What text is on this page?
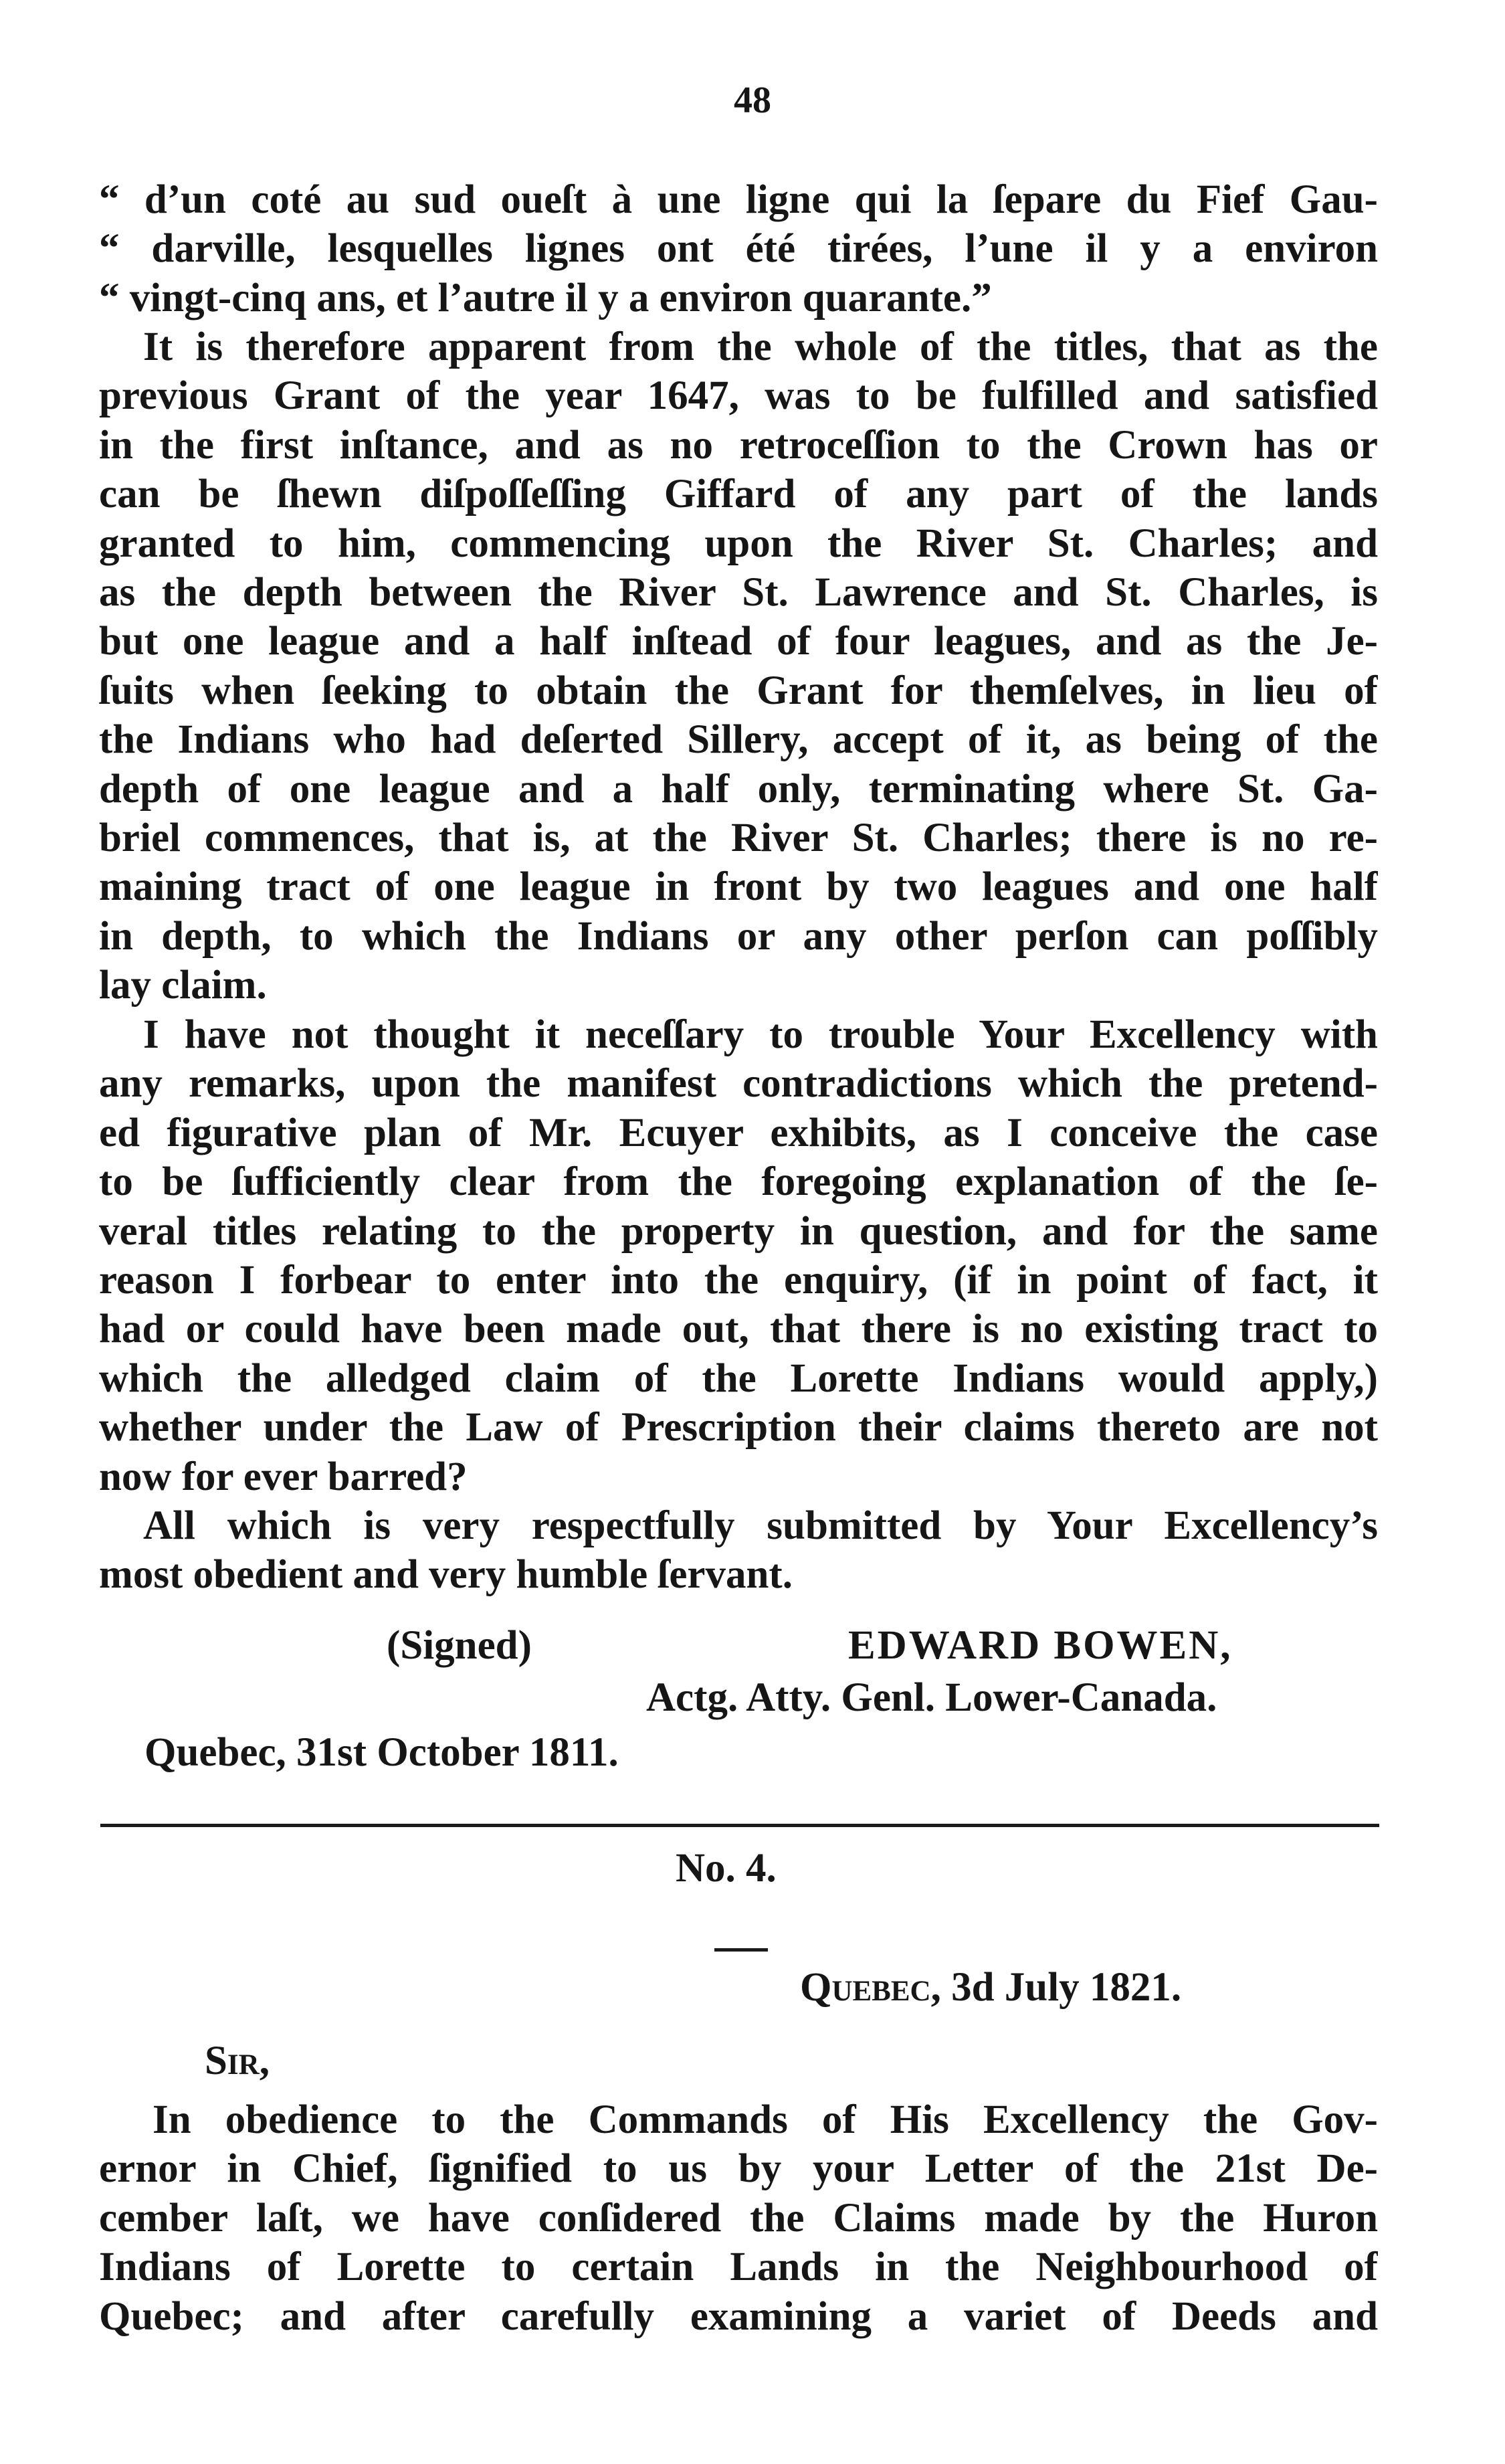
48
“ d’un coté au sud oueſt à une ligne qui la ſepare du Fief Gau-
“ darville, lesquelles lignes ont été tirées, l’une il y a environ
“ vingt-cinq ans, et l’autre il y a environ quarante.”
It is therefore apparent from the whole of the titles, that as the
previous Grant of the year 1647, was to be fulfilled and satisfied
in the first inſtance, and as no retroceſſion to the Crown has or
can be ſhewn diſpoſſeſſing Giffard of any part of the lands
granted to him, commencing upon the River St. Charles; and
as the depth between the River St. Lawrence and St. Charles, is
but one league and a half inſtead of four leagues, and as the Je-
ſuits when ſeeking to obtain the Grant for themſelves, in lieu of
the Indians who had deſerted Sillery, accept of it, as being of the
depth of one league and a half only, terminating where St. Ga-
briel commences, that is, at the River St. Charles; there is no re-
maining tract of one league in front by two leagues and one half
in depth, to which the Indians or any other perſon can poſſibly
lay claim.
I have not thought it neceſſary to trouble Your Excellency with
any remarks, upon the manifest contradictions which the pretend-
ed figurative plan of Mr. Ecuyer exhibits, as I conceive the case
to be ſufficiently clear from the foregoing explanation of the ſe-
veral titles relating to the property in question, and for the same
reason I forbear to enter into the enquiry, (if in point of fact, it
had or could have been made out, that there is no existing tract to
which the alledged claim of the Lorette Indians would apply,)
whether under the Law of Prescription their claims thereto are not
now for ever barred?
All which is very respectfully submitted by Your Excellency’s
most obedient and very humble ſervant.
(Signed)	EDWARD BOWEN,
Actg. Atty. Genl. Lower-Canada.
Quebec, 31st October 1811.
No. 4.
Quebec, 3d July 1821.
Sir,
In obedience to the Commands of His Excellency the Gov-
ernor in Chief, ſignified to us by your Letter of the 21st De-
cember laſt, we have conſidered the Claims made by the Huron
Indians of Lorette to certain Lands in the Neighbourhood of
Quebec; and after carefully examining a variet of Deeds and
